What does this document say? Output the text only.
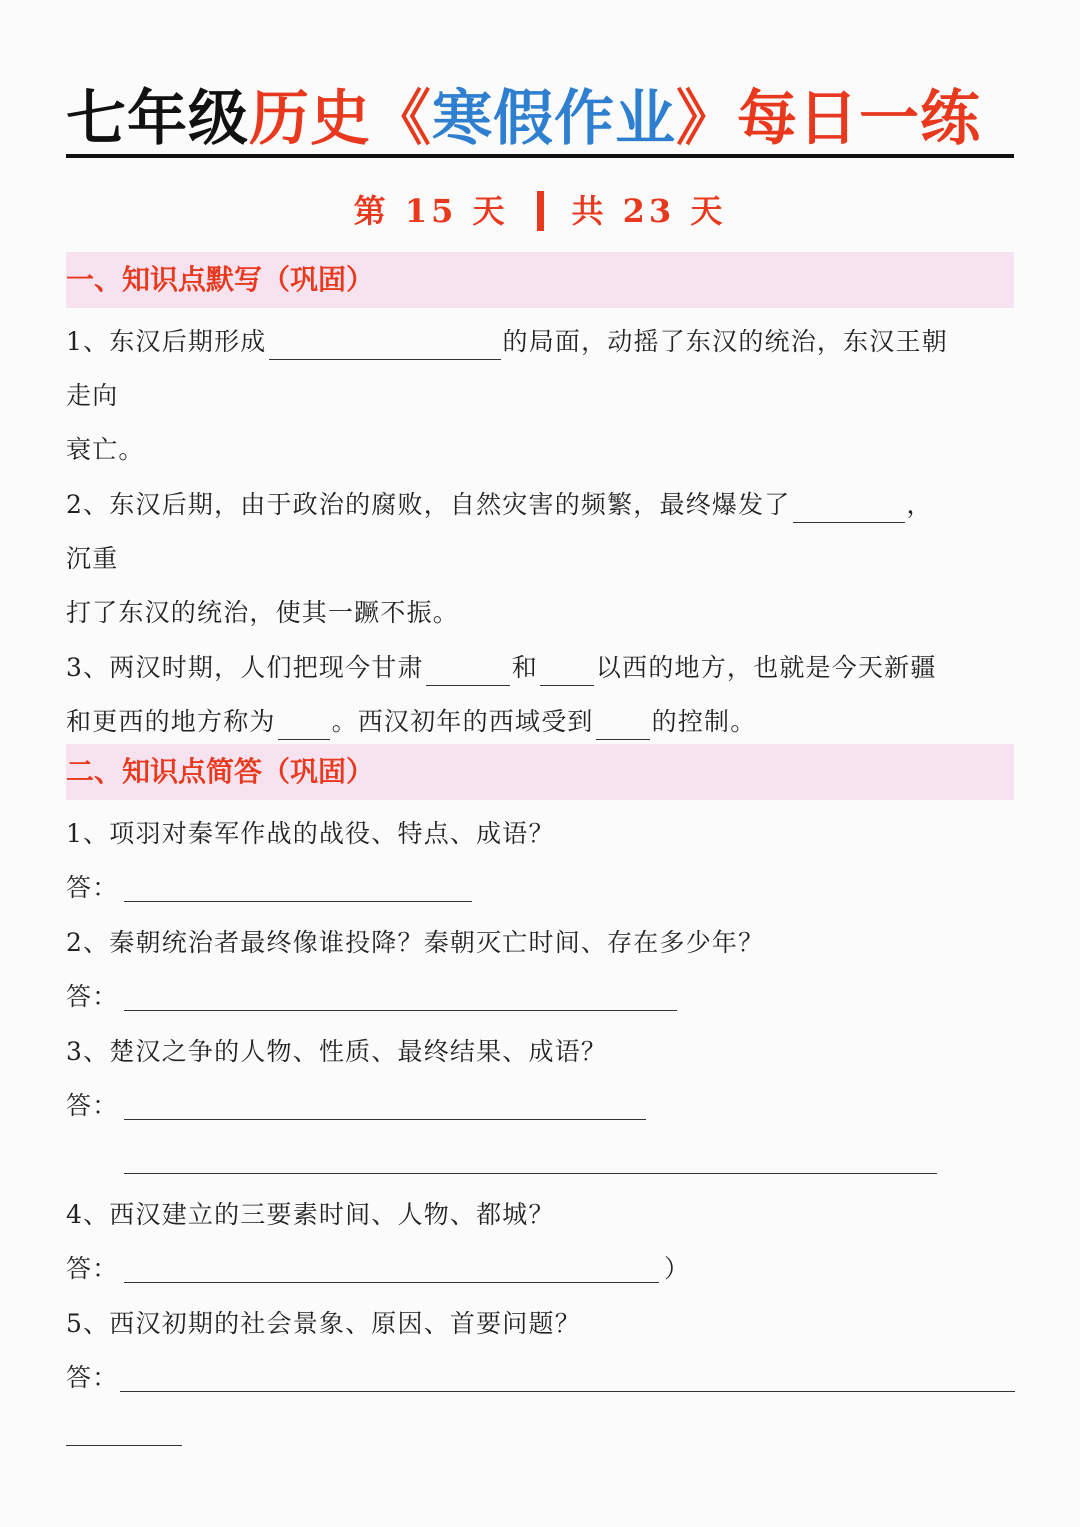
七年级历史《寒假作业》每日一练
第 15 天 共 23 天
一、知识点默写（巩固）
1、东汉后期形成	的局面，动摇了东汉的统治，东汉王朝
走向
衰亡。
2、东汉后期，由于政治的腐败，自然灾害的频繁，最终爆发了	，
沉重
打了东汉的统治，使其一蹶不振。
3、两汉时期，人们把现今甘肃	和 以西的地方，也就是今天新疆
和更西的地方称为 。西汉初年的西域受到 的控制。
二、知识点简答（巩固）
1、项羽对秦军作战的战役、特点、成语？
答：
2、秦朝统治者最终像谁投降？秦朝灭亡时间、存在多少年？
答：
3、楚汉之争的人物、性质、最终结果、成语？
答：
4、西汉建立的三要素时间、人物、都城？
答：	）
5、西汉初期的社会景象、原因、首要问题？
答：
